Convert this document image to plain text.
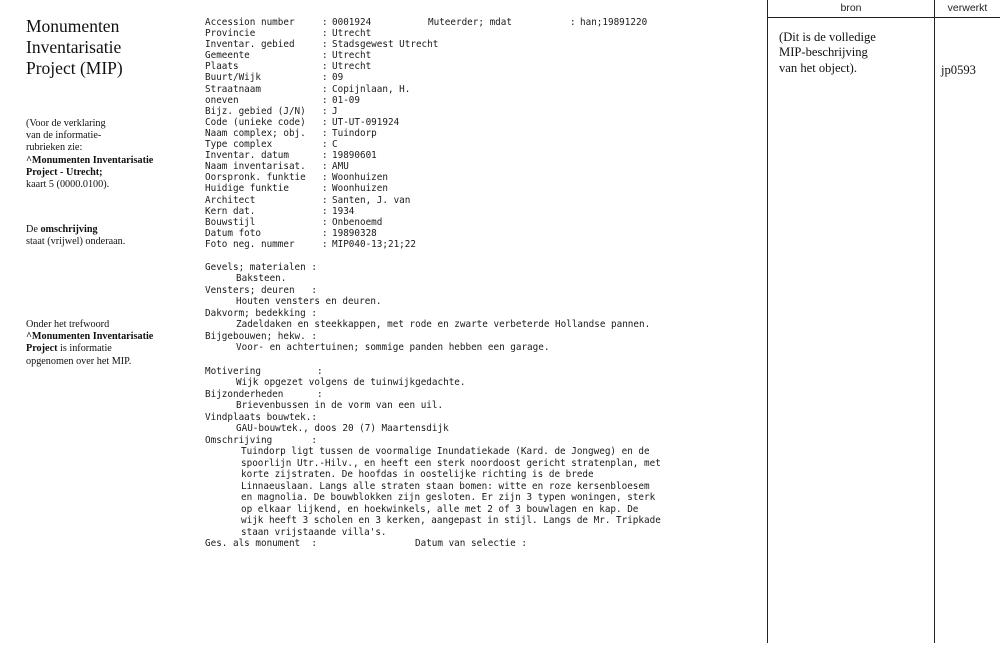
Monumenten
Inventarisatie
Project (MIP)
(Voor de verklaring
van de informatie-
rubrieken zie:
^Monumenten Inventarisatie
Project - Utrecht;
kaart 5 (0000.0100).
De omschrijving
staat (vrijwel) onderaan.
Onder het trefwoord
^Monumenten Inventarisatie
Project is informatie
opgenomen over het MIP.
Accession number	: 0001924	Muteerder; mdat	: han;19891220
Provincie	: Utrecht
Inventar. gebied	: Stadsgewest Utrecht
Gemeente	: Utrecht
Plaats	: Utrecht
Buurt/Wijk	: 09
Straatnaam	: Copijnlaan, H.
oneven	: 01-09
Bijz. gebied (J/N) : J
Code (unieke code) : UT-UT-091924
Naam complex; obj. : Tuindorp
Type complex	: C
Inventar. datum	: 19890601
Naam inventarisat. : AMU
Oorspronk. funktie : Woonhuizen
Huidige funktie	: Woonhuizen
Architect	: Santen, J. van
Kern dat.	: 1934
Bouwstijl	: Onbenoemd
Datum foto	: 19890328
Foto neg. nummer	: MIP040-13;21;22
Gevels; materialen :
Baksteen.
Vensters; deuren   :
Houten vensters en deuren.
Dakvorm; bedekking :
Zadeldaken en steekkappen, met rode en zwarte verbeterde Hollandse pannen.
Bijgebouwen; hekw. :
Voor- en achtertuinen; sommige panden hebben een garage.
Motivering          :
Wijk opgezet volgens de tuinwijkgedachte.
Bijzonderheden      :
Brievenbussen in de vorm van een uil.
Vindplaats bouwtek.:
GAU-bouwtek., doos 20 (7) Maartensdijk
Omschrijving       :
Tuindorp ligt tussen de voormalige Inundatiekade (Kard. de Jongweg) en de
spoorlijn Utr.-Hilv., en heeft een sterk noordoost gericht stratenplan, met
korte zijstraten. De hoofdas in oostelijke richting is de brede
Linnaeuslaan. Langs alle straten staan bomen: witte en roze kersenbloesem
en magnolia. De bouwblokken zijn gesloten. Er zijn 3 typen woningen, sterk
op elkaar lijkend, en hoekwinkels, alle met 2 of 3 bouwlagen en kap. De
wijk heeft 3 scholen en 3 kerken, aangepast in stijl. Langs de Mr. Tripkade
staan vrijstaande villa's.
Ges. als monument  :	Datum van selectie :
bron	verwerkt
(Dit is de volledige
MIP-beschrijving
van het object).	jp0593
